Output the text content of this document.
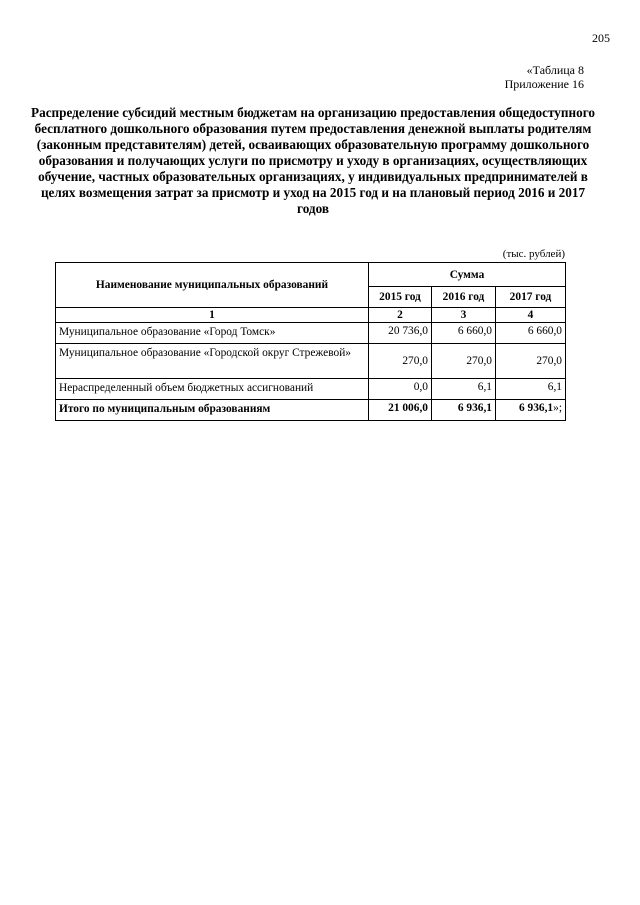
205
«Таблица 8
Приложение 16
Распределение субсидий местным бюджетам на организацию предоставления общедоступного бесплатного дошкольного образования путем предоставления денежной выплаты родителям (законным представителям) детей, осваивающих образовательную программу дошкольного образования и получающих услуги по присмотру и уходу в организациях, осуществляющих обучение, частных образовательных организациях, у индивидуальных предпринимателей в целях возмещения затрат за присмотр и уход на 2015 год и на плановый период 2016 и 2017 годов
(тыс. рублей)
Наименование муниципальных образований	Сумма		
	2015 год	2016 год	2017 год
1	2	3	4
Муниципальное образование «Город Томск»	20 736,0	6 660,0	6 660,0
Муниципальное образование «Городской округ Стрежевой»	270,0	270,0	270,0
Нераспределенный объем бюджетных ассигнований	0,0	6,1	6,1
Итого по муниципальным образованиям	21 006,0	6 936,1	6 936,1»;
